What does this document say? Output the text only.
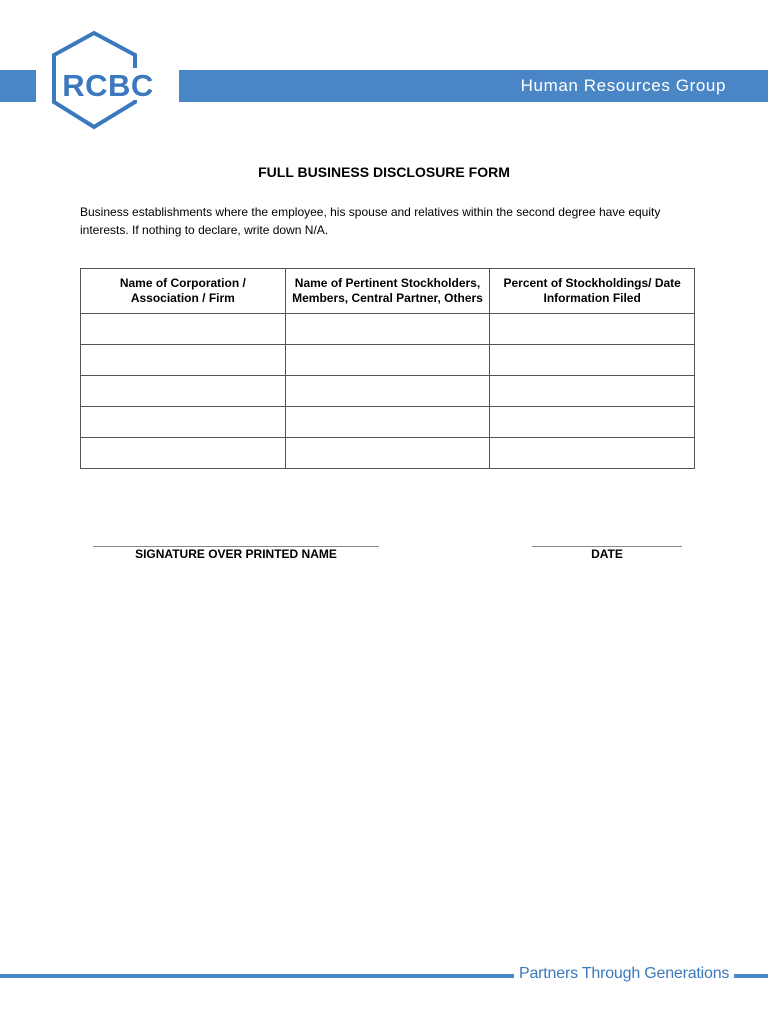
Human Resources Group
RCBC
FULL BUSINESS DISCLOSURE FORM
Business establishments where the employee, his spouse and relatives within the second degree have equity interests. If nothing to declare, write down N/A.
Name of Corporation / Association / Firm	Name of Pertinent Stockholders, Members, Central Partner, Others	Percent of Stockholdings/ Date Information Filed

SIGNATURE OVER PRINTED NAME	DATE
Partners Through Generations
